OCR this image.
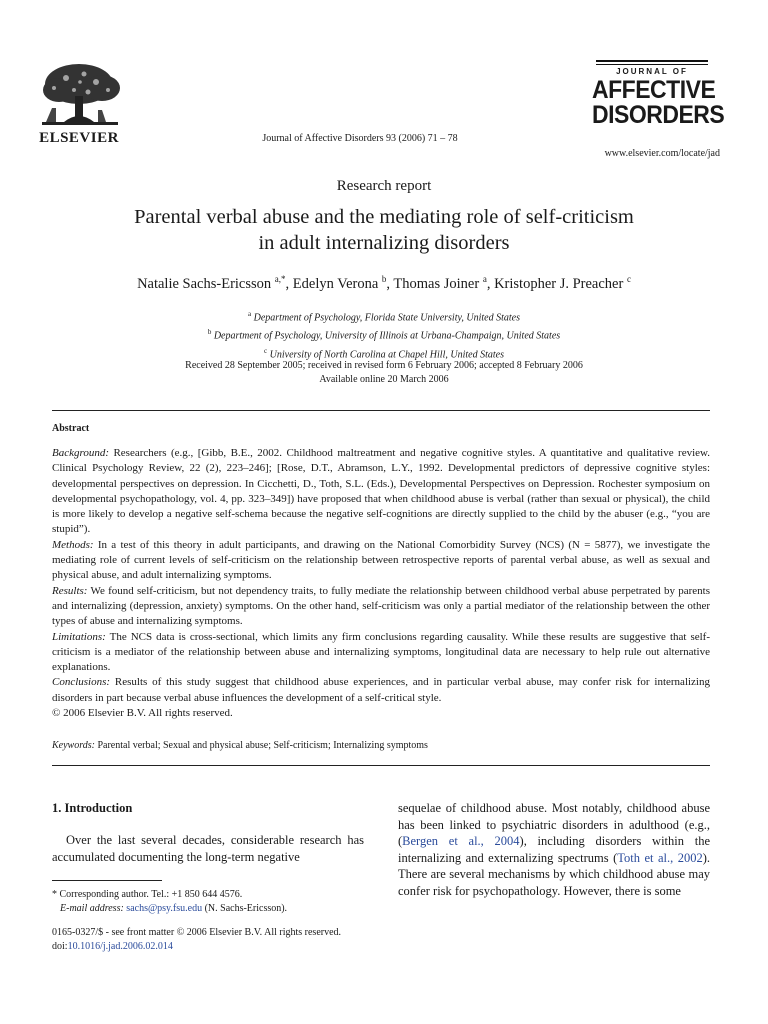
ELSEVIER	Journal of Affective Disorders 93 (2006) 71 – 78
JOURNAL OF
AFFECTIVE
DISORDERS
www.elsevier.com/locate/jad
Research report
Parental verbal abuse and the mediating role of self-criticism
in adult internalizing disorders
Natalie Sachs-Ericsson $^{a,*}$, Edelyn Verona $^b$, Thomas Joiner $^a$, Kristopher J. Preacher $^c$
$^a$ Department of Psychology, Florida State University, United States
$^b$ Department of Psychology, University of Illinois at Urbana-Champaign, United States
$^c$ University of North Carolina at Chapel Hill, United States
Received 28 September 2005; received in revised form 6 February 2006; accepted 8 February 2006
Available online 20 March 2006
Abstract

Background: Researchers (e.g., [Gibb, B.E., 2002. Childhood maltreatment and negative cognitive styles. A quantitative and qualitative review. Clinical Psychology Review, 22 (2), 223–246]; [Rose, D.T., Abramson, L.Y., 1992. Developmental predictors of depressive cognitive styles: developmental perspectives on depression. In Cicchetti, D., Toth, S.L. (Eds.), Developmental Perspectives on Depression. Rochester symposium on developmental psychopathology, vol. 4, pp. 323–349]) have proposed that when childhood abuse is verbal (rather than sexual or physical), the child is more likely to develop a negative self-schema because the negative self-cognitions are directly supplied to the child by the abuser (e.g., “you are stupid”).

Methods: In a test of this theory in adult participants, and drawing on the National Comorbidity Survey (NCS) (N = 5877), we investigate the mediating role of current levels of self-criticism on the relationship between retrospective reports of parental verbal abuse, as well as sexual and physical abuse, and adult internalizing symptoms.

Results: We found self-criticism, but not dependency traits, to fully mediate the relationship between childhood verbal abuse perpetrated by parents and internalizing (depression, anxiety) symptoms. On the other hand, self-criticism was only a partial mediator of the relationship between the other types of abuse and internalizing symptoms.

Limitations: The NCS data is cross-sectional, which limits any firm conclusions regarding causality. While these results are suggestive that self-criticism is a mediator of the relationship between abuse and internalizing symptoms, longitudinal data are necessary to help rule out alternative explanations.

Conclusions: Results of this study suggest that childhood abuse experiences, and in particular verbal abuse, may confer risk for internalizing disorders in part because verbal abuse influences the development of a self-critical style.

© 2006 Elsevier B.V. All rights reserved.

Keywords: Parental verbal; Sexual and physical abuse; Self-criticism; Internalizing symptoms
1. Introduction

Over the last several decades, considerable research has accumulated documenting the long-term negative

sequelae of childhood abuse. Most notably, childhood abuse has been linked to psychiatric disorders in adulthood (e.g., (Bergen et al., 2004), including disorders within the internalizing and externalizing spectrums (Toth et al., 2002). There are several mechanisms by which childhood abuse may confer risk for psychopathology. However, there is some

* Corresponding author. Tel.: +1 850 644 4576.
E-mail address: sachs@psy.fsu.edu (N. Sachs-Ericsson).
0165-0327/$ - see front matter © 2006 Elsevier B.V. All rights reserved.
doi:10.1016/j.jad.2006.02.014
